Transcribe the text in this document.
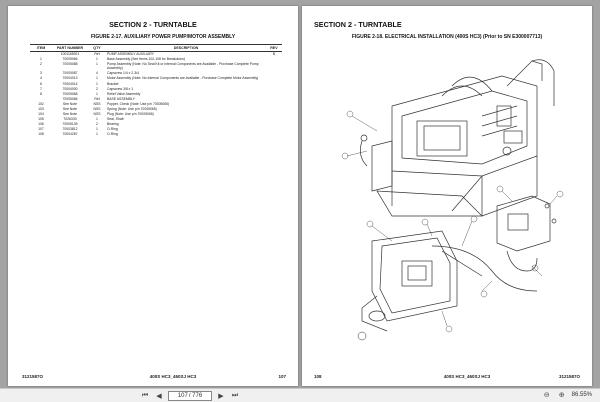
SECTION 2 - TURNTABLE
FIGURE 2-17. AUXILIARY POWER PUMP/MOTOR ASSEMBLY
ITEM	PART NUMBER	QTY	DESCRIPTION	REV
	1001165921	Ref	PUMP ASSEMBLY AUXILIARY	B
1	70005066	1	Base Assembly (See Items 102-108 for Breakdown)	
2	70005088	1	Pump Assembly (Note: No Seal Kit or Internal Components are Available - Purchase Complete Pump Assembly)	
3	70005087	4	Capscrew 1/4 x 2-3/4	
4	70004013	1	Motor Assembly (Note: No Internal Components are Available - Purchase Complete Motor Assembly)	
6	70004014	1	Bracket	
7	70004000	2	Capscrew 3/8 x 1	
8	70005068	1	Relief Valve Assembly	
	70005066	Ref	BASE ASSEMBLY	
102	See Note	NSS	Poppet, Check (Note: Use p/n 70005065)	
103	See Note	NSS	Spring (Note: Use p/n 70005065)	
104	See Note	NSS	Plug (Note: Use p/n 70005065)	
105	7026330	1	Seal, Shaft	
106	70005139	2	Bearing	
107	70003812	1	O-Ring	
108	70004287	1	O-Ring	
3121587O	400S HC3_460SJ HC3	107
SECTION 2 - TURNTABLE
FIGURE 2-18. ELECTRICAL INSTALLATION (400S HC3) (Prior to SN E300007713)
108	400S HC3_460SJ HC3	3121587O
⏮	◀	107 / 776	▶	⏭	⊖ ⊕	86.55%
